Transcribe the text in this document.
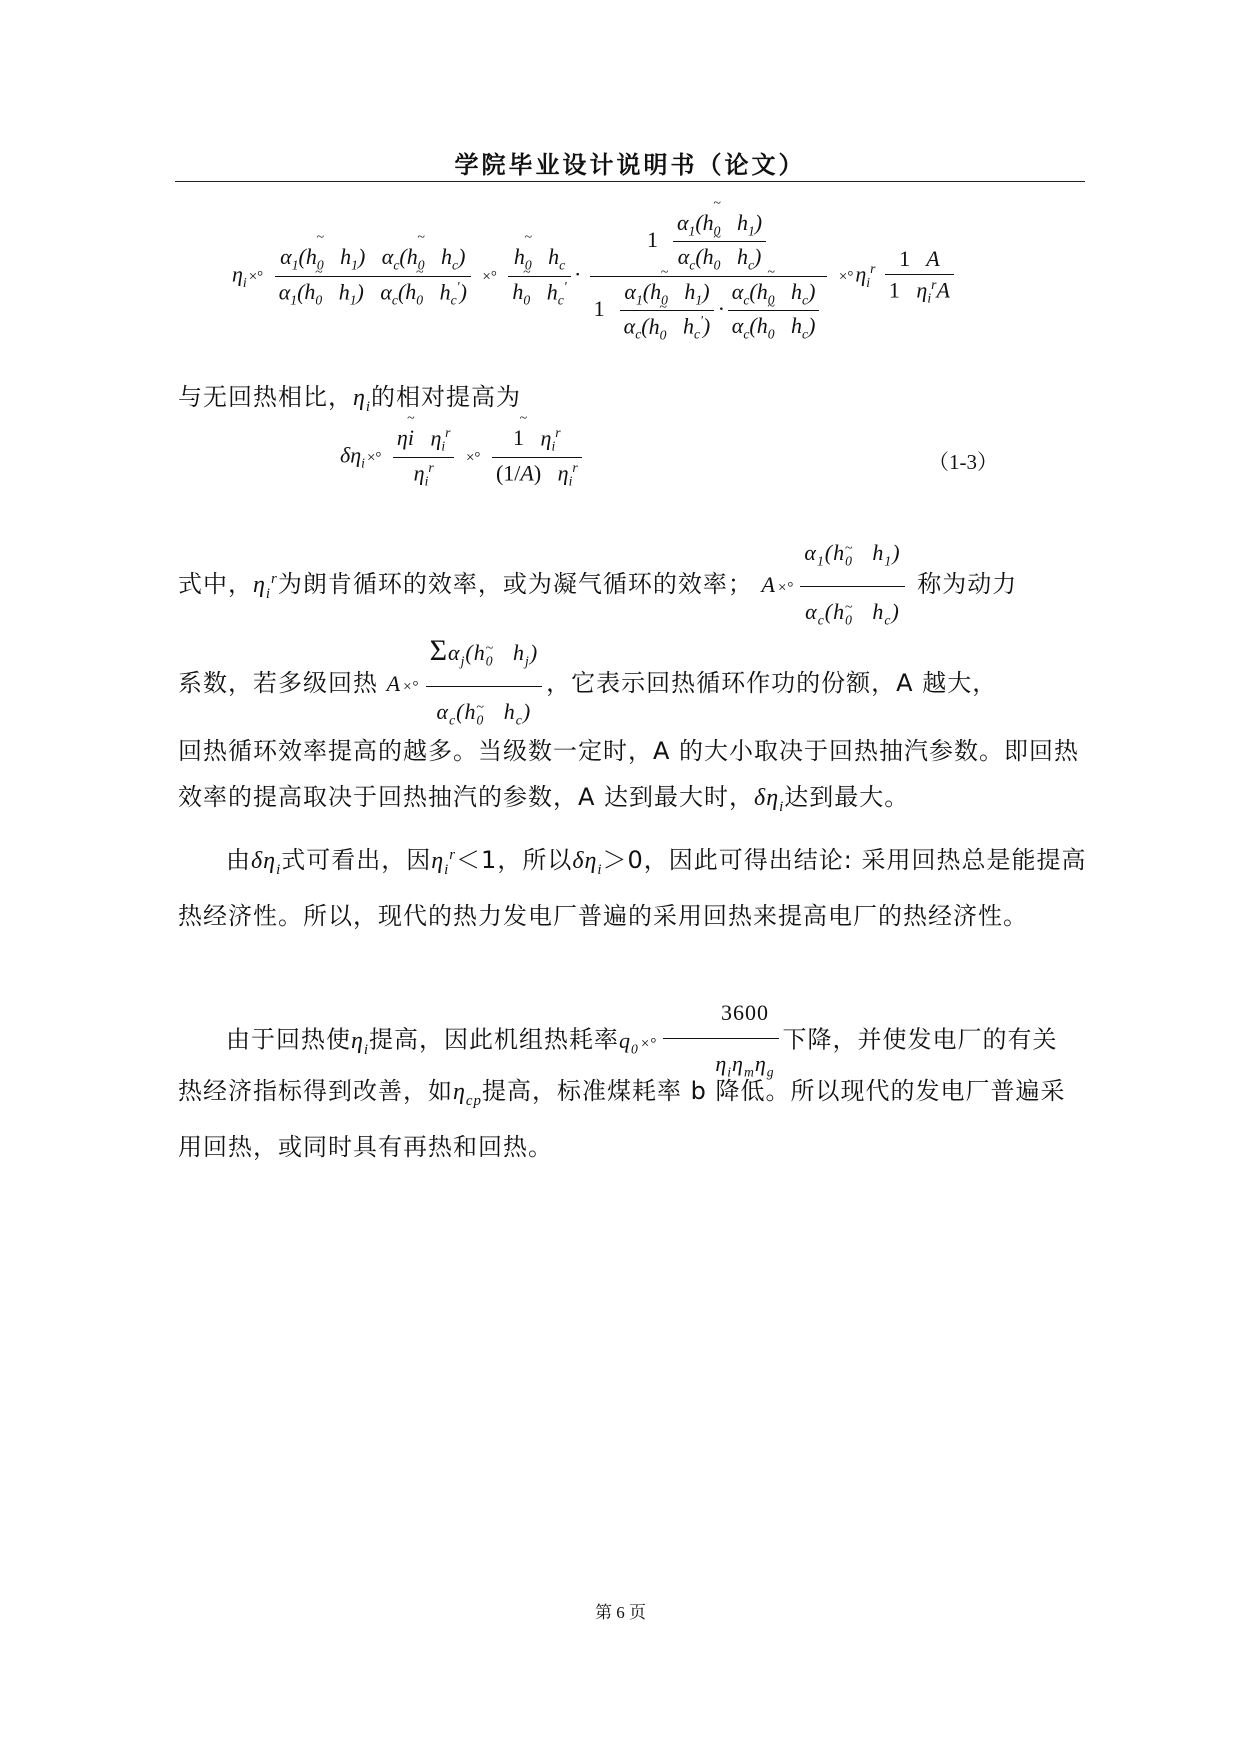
学院毕业设计说明书（论文）
$\eta_i$ ×° $\frac{\alpha_1(h_0 \sim h_1) \alpha_c(h_0 \sim h_c)}{\alpha_1(h_0 \sim h_1) \alpha_c(h_0 \sim h_c')}$ ×° $\frac{h_0 \sim h_c}{h_0 \sim h_c'} \cdot \frac{1 \frac{\alpha_1(h_0 \sim h_1)}{\alpha_c(h_0 \sim h_c)}}{1 \frac{\alpha_1(h_0 \sim h_1)}{\alpha_c(h_0 \sim h_c')} \cdot \frac{\alpha_c(h_0 \sim h_c)}{\alpha_c(h_0 \sim h_c)}} \times^\circ\eta_i^r \frac{1 A}{1 \eta_i^rA}$
与无回热相比，$\eta_i$的相对提高为
$\delta\eta_i$ ×° $\frac{\eta i \sim \eta_i^r}{\eta_i^r}$ ×° $\frac{1 \sim \eta_i^r}{(1/A) \eta_i^r}$	（1-3）
式中，$\eta_i^r$为朗肯循环的效率，或为凝气循环的效率； A ×° $\frac{\alpha_1(h_0 \sim h_1)}{\alpha_c(h_0 \sim h_c)}$ 称为动力
系数，若多级回热 A ×° $\frac{\Sigma\alpha_j(h_0 \sim h_j)}{\alpha_c(h_0 \sim h_c)}$ ，它表示回热循环作功的份额，A 越大，
回热循环效率提高的越多。当级数一定时，A 的大小取决于回热抽汽参数。即回热效率的提高取决于回热抽汽的参数，A 达到最大时，$\delta\eta_i$达到最大。
由$\delta\eta_i$式可看出，因$\eta_i^r<1$，所以$\delta\eta_i>0$，因此可得出结论: 采用回热总是能提高热经济性。所以，现代的热力发电厂普遍的采用回热来提高电厂的热经济性。
由于回热使$\eta_i$提高，因此机组热耗率$q_0$ ×° $\frac{3600}{\eta_i\eta_m\eta_g}$ 下降，并使发电厂的有关
热经济指标得到改善，如$\eta_{cp}$提高，标准煤耗率 b 降低。所以现代的发电厂普遍采用回热，或同时具有再热和回热。
第 6 页
